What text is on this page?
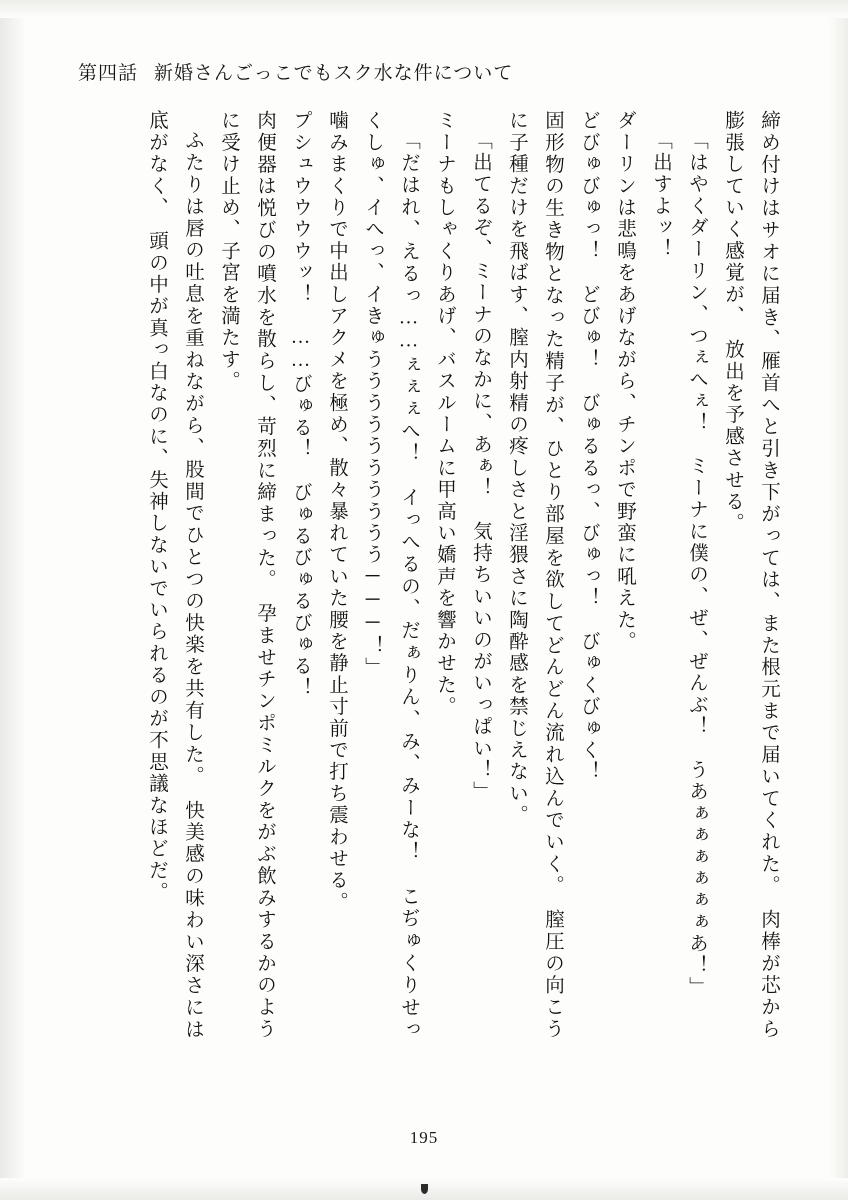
第四話 新婚さんごっこでもスク水な件について

締め付けはサオに届き、雁首へと引き下がっては、また根元まで届いてくれた。　肉棒が芯から膨張していく感覚が、　放出を予感させる。

「はやくダーリン、つぇへぇ！　ミーナに僕の、ぜ、ぜんぶ！　うあぁぁぁぁぁぁあ！」

「出すよッ！

ダーリンは悲鳴をあげながら、チンポで野蛮に吼えた。

どびゅびゅっ！　どびゅ！　びゅるるっ、びゅっ！　びゅくびゅく！

固形物の生き物となった精子が、ひとり部屋を欲してどんどん流れ込んでいく。　膣圧の向こうに子種だけを飛ばす、膣内射精の疼しさと淫猥さに陶酔感を禁じえない。

「出てるぞ、ミーナのなかに、あぁ！　気持ちいいのがいっぱい！」

ミーナもしゃくりあげ、バスルームに甲高い嬌声を響かせた。

「だはれ、えるっ……ぇぇぇへ！　イっへるの、だぁりん、み、みーな！　こぢゅくりせっくしゅ、イへっ、イきゅうううううううううう───！」

噛みまくりで中出しアクメを極め、散々暴れていた腰を静止寸前で打ち震わせる。

プシュウウウウッ！　……びゅる！　びゅるびゅるびゅる！

肉便器は悦びの噴水を散らし、苛烈に締まった。　孕ませチンポミルクをがぶ飲みするかのように受け止め、子宮を満たす。

ふたりは唇の吐息を重ねながら、股間でひとつの快楽を共有した。　快美感の味わい深さには底がなく、　頭の中が真っ白なのに、失神しないでいられるのが不思議なほどだ。

195
